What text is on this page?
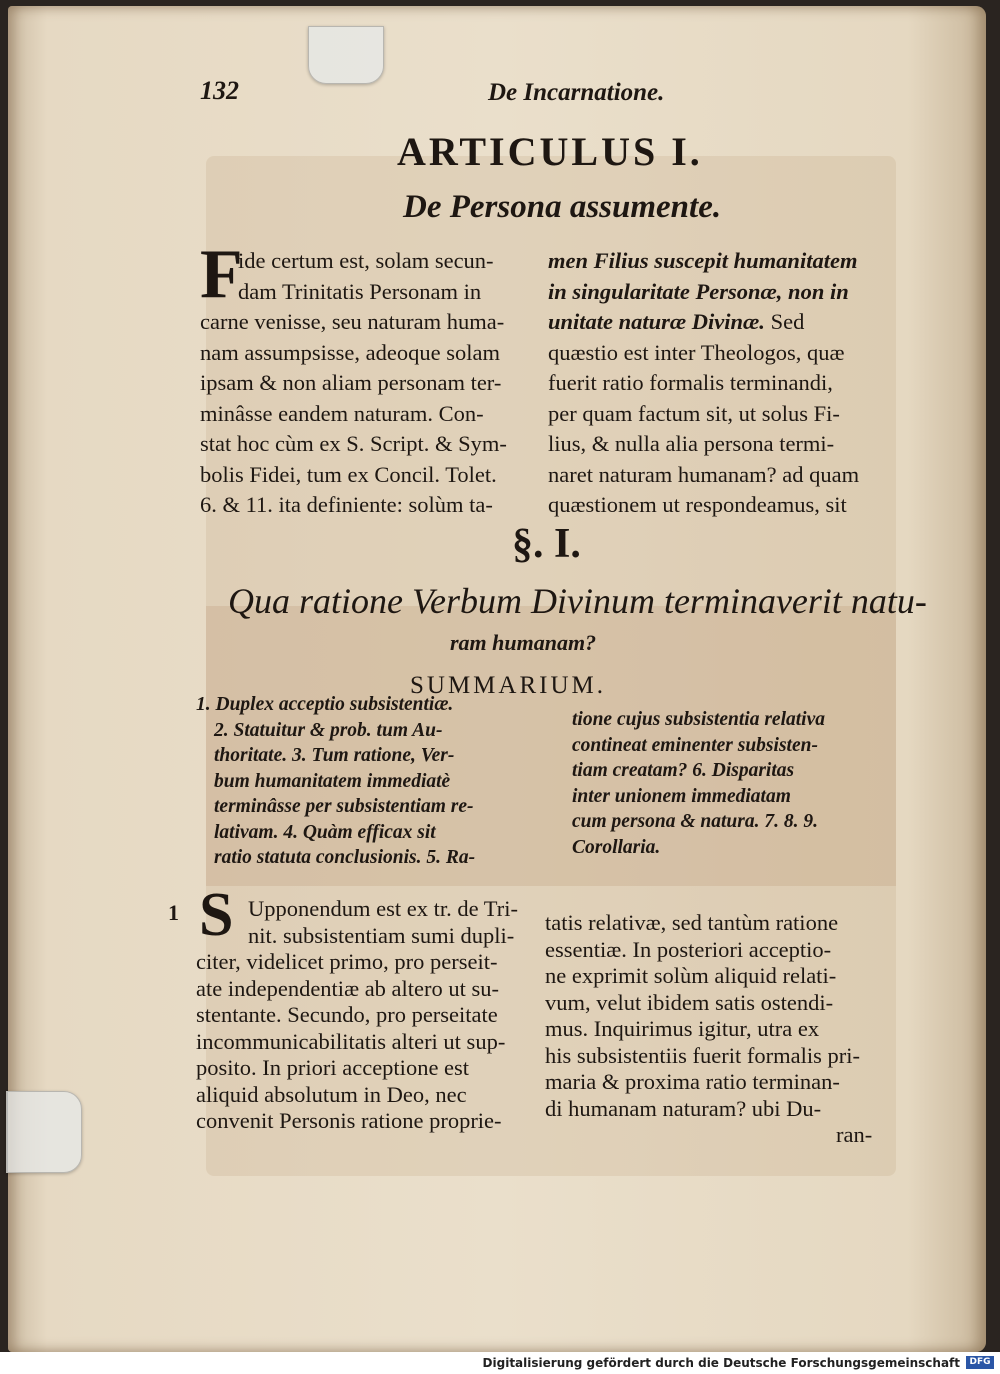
132	De Incarnatione.
ARTICULUS I.
De Persona assumente.
F
ide certum est, solam secun-
dam Trinitatis Personam in
carne venisse, seu naturam huma-
nam assumpsisse, adeoque solam
ipsam & non aliam personam ter-
minâsse eandem naturam. Con-
stat hoc cùm ex S. Script. & Sym-
bolis Fidei, tum ex Concil. Tolet.
6. & 11. ita definiente: solùm ta-
men Filius suscepit humanitatem
in singularitate Personæ, non in
unitate naturæ Divinæ. Sed
quæstio est inter Theologos, quæ
fuerit ratio formalis terminandi,
per quam factum sit, ut solus Fi-
lius, & nulla alia persona termi-
naret naturam humanam? ad quam
quæstionem ut respondeamus, sit
§. I.
Qua ratione Verbum Divinum terminaverit natu-
ram humanam?
SUMMARIUM.
1. Duplex acceptio subsistentiæ.
2. Statuitur & prob. tum Au-
thoritate. 3. Tum ratione, Ver-
bum humanitatem immediatè
terminâsse per subsistentiam re-
lativam. 4. Quàm efficax sit
ratio statuta conclusionis. 5. Ra-
tione cujus subsistentia relativa
contineat eminenter subsisten-
tiam creatam? 6. Disparitas
inter unionem immediatam
cum persona & natura. 7. 8. 9.
Corollaria.
1 S Upponendum est ex tr. de Tri-
nit. subsistentiam sumi dupli-
citer, videlicet primo, pro perseit-
ate independentiæ ab altero ut su-
stentante. Secundo, pro perseitate
incommunicabilitatis alteri ut sup-
posito. In priori acceptione est
aliquid absolutum in Deo, nec
convenit Personis ratione proprie-
tatis relativæ, sed tantùm ratione
essentiæ. In posteriori acceptio-
ne exprimit solùm aliquid relati-
vum, velut ibidem satis ostendi-
mus. Inquirimus igitur, utra ex
his subsistentiis fuerit formalis pri-
maria & proxima ratio terminan-
di humanam naturam? ubi Du-
ran-
Digitalisierung gefördert durch die Deutsche Forschungsgemeinschaft	DFG
